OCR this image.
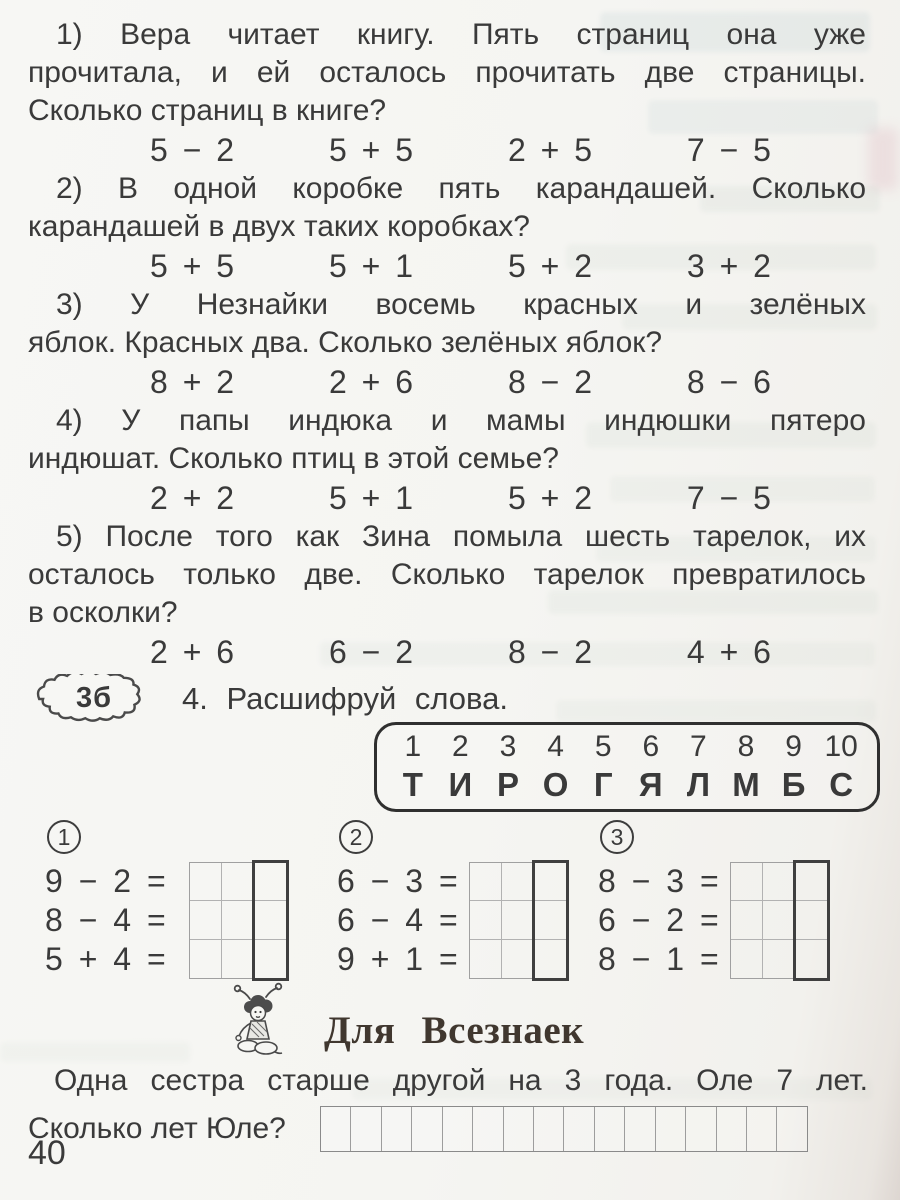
1) Вера читает книгу. Пять страниц она уже
прочитала, и ей осталось прочитать две страницы.
Сколько страниц в книге?
5 − 2	5 + 5	2 + 5	7 − 5
2) В одной коробке пять карандашей. Сколько
карандашей в двух таких коробках?
5 + 5	5 + 1	5 + 2	3 + 2
3) У Незнайки восемь красных и зелёных
яблок. Красных два. Сколько зелёных яблок?
8 + 2	2 + 6	8 − 2	8 − 6
4) У папы индюка и мамы индюшки пятеро
индюшат. Сколько птиц в этой семье?
2 + 2	5 + 1	5 + 2	7 − 5
5) После того как Зина помыла шесть тарелок, их
осталось только две. Сколько тарелок превратилось
в осколки?
2 + 6	6 − 2	8 − 2	4 + 6
3б	4. Расшифруй слова.
1	2	3	4	5	6	7	8	9 10
Т И Р О Г Я Л М Б С
1
9 − 2 =
8 − 4 =
5 + 4 =
2
6 − 3 =
6 − 4 =
9 + 1 =
3
8 − 3 =
6 − 2 =
8 − 1 =
Для Всезнаек
Одна сестра старше другой на 3 года. Оле 7 лет.
Сколько лет Юле?
40
